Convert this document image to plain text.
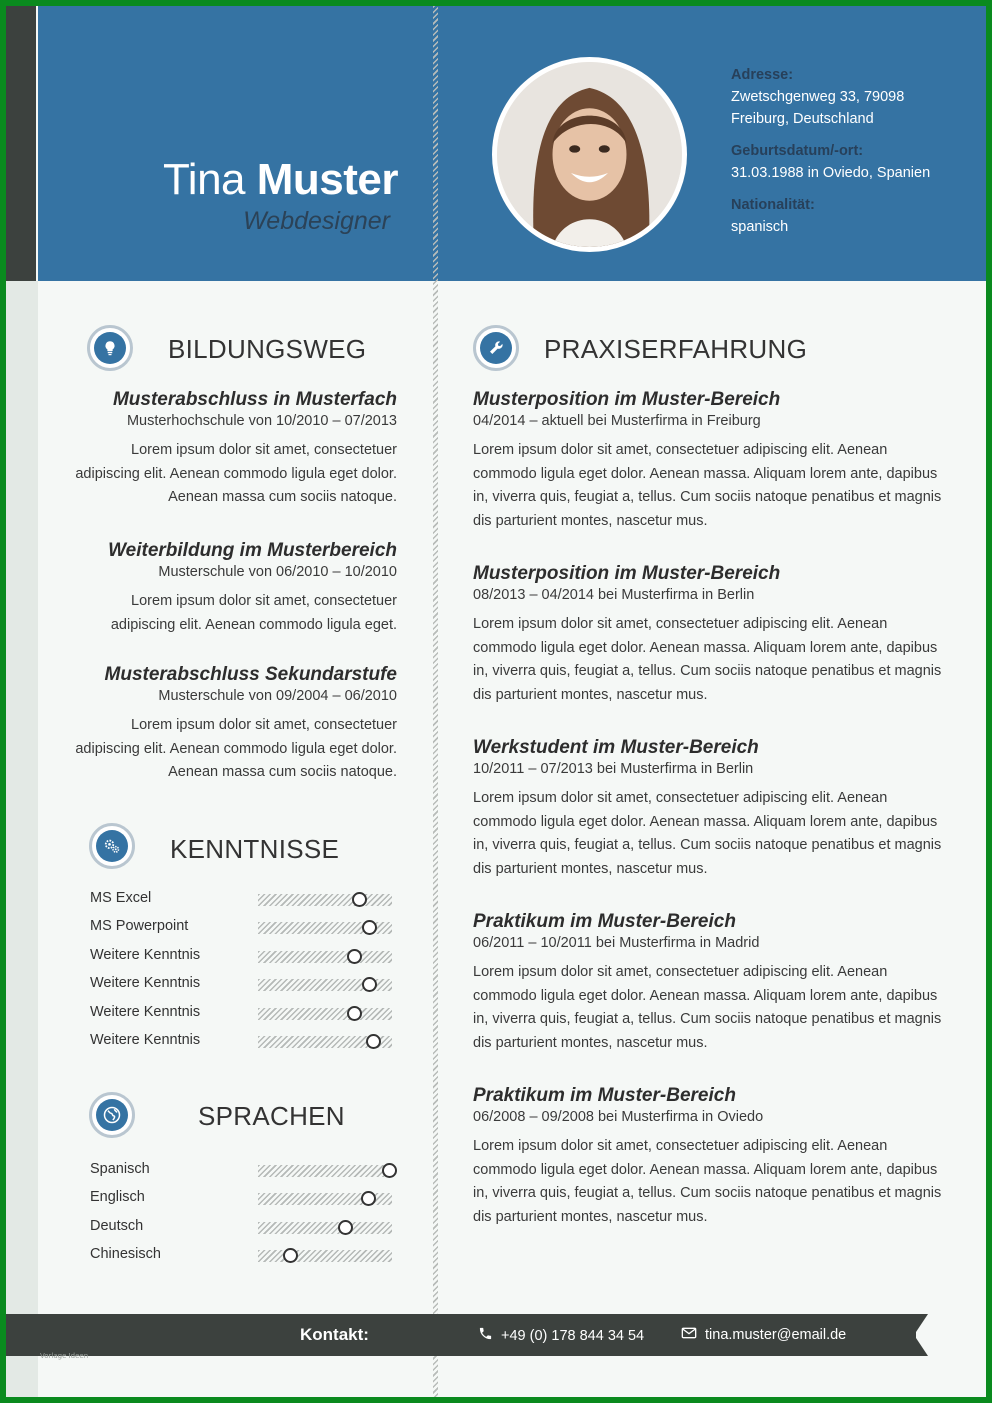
Tina Muster
Webdesigner
Adresse:
Zwetschgenweg 33, 79098
Freiburg, Deutschland
Geburtsdatum/-ort:
31.03.1988 in Oviedo, Spanien
Nationalität:
spanisch
BILDUNGSWEG
Musterabschluss in Musterfach
Musterhochschule von 10/2010 – 07/2013

Lorem ipsum dolor sit amet, consectetuer adipiscing elit. Aenean commodo ligula eget dolor. Aenean massa cum sociis natoque.

Weiterbildung im Musterbereich
Musterschule von 06/2010 – 10/2010

Lorem ipsum dolor sit amet, consectetuer adipiscing elit. Aenean commodo ligula eget.

Musterabschluss Sekundarstufe
Musterschule von 09/2004 – 06/2010

Lorem ipsum dolor sit amet, consectetuer adipiscing elit. Aenean commodo ligula eget dolor. Aenean massa cum sociis natoque.

KENNTNISSE
MS Excel
MS Powerpoint
Weitere Kenntnis
Weitere Kenntnis
Weitere Kenntnis
Weitere Kenntnis
SPRACHEN
Spanisch
Englisch
Deutsch
Chinesisch
PRAXISERFAHRUNG
Musterposition im Muster-Bereich
04/2014 – aktuell bei Musterfirma in Freiburg

Lorem ipsum dolor sit amet, consectetuer adipiscing elit. Aenean commodo ligula eget dolor. Aenean massa. Aliquam lorem ante, dapibus in, viverra quis, feugiat a, tellus. Cum sociis natoque penatibus et magnis dis parturient montes, nascetur mus.

Musterposition im Muster-Bereich
08/2013 – 04/2014 bei Musterfirma in Berlin

Lorem ipsum dolor sit amet, consectetuer adipiscing elit. Aenean commodo ligula eget dolor. Aenean massa. Aliquam lorem ante, dapibus in, viverra quis, feugiat a, tellus. Cum sociis natoque penatibus et magnis dis parturient montes, nascetur mus.

Werkstudent im Muster-Bereich
10/2011 – 07/2013 bei Musterfirma in Berlin

Lorem ipsum dolor sit amet, consectetuer adipiscing elit. Aenean commodo ligula eget dolor. Aenean massa. Aliquam lorem ante, dapibus in, viverra quis, feugiat a, tellus. Cum sociis natoque penatibus et magnis dis parturient montes, nascetur mus.

Praktikum im Muster-Bereich
06/2011 – 10/2011 bei Musterfirma in Madrid

Lorem ipsum dolor sit amet, consectetuer adipiscing elit. Aenean commodo ligula eget dolor. Aenean massa. Aliquam lorem ante, dapibus in, viverra quis, feugiat a, tellus. Cum sociis natoque penatibus et magnis dis parturient montes, nascetur mus.

Praktikum im Muster-Bereich
06/2008 – 09/2008 bei Musterfirma in Oviedo

Lorem ipsum dolor sit amet, consectetuer adipiscing elit. Aenean commodo ligula eget dolor. Aenean massa. Aliquam lorem ante, dapibus in, viverra quis, feugiat a, tellus. Cum sociis natoque penatibus et magnis dis parturient montes, nascetur mus.

Kontakt:	+49 (0) 178 844 34 54	tina.muster@email.de
Vorlage Ideen
